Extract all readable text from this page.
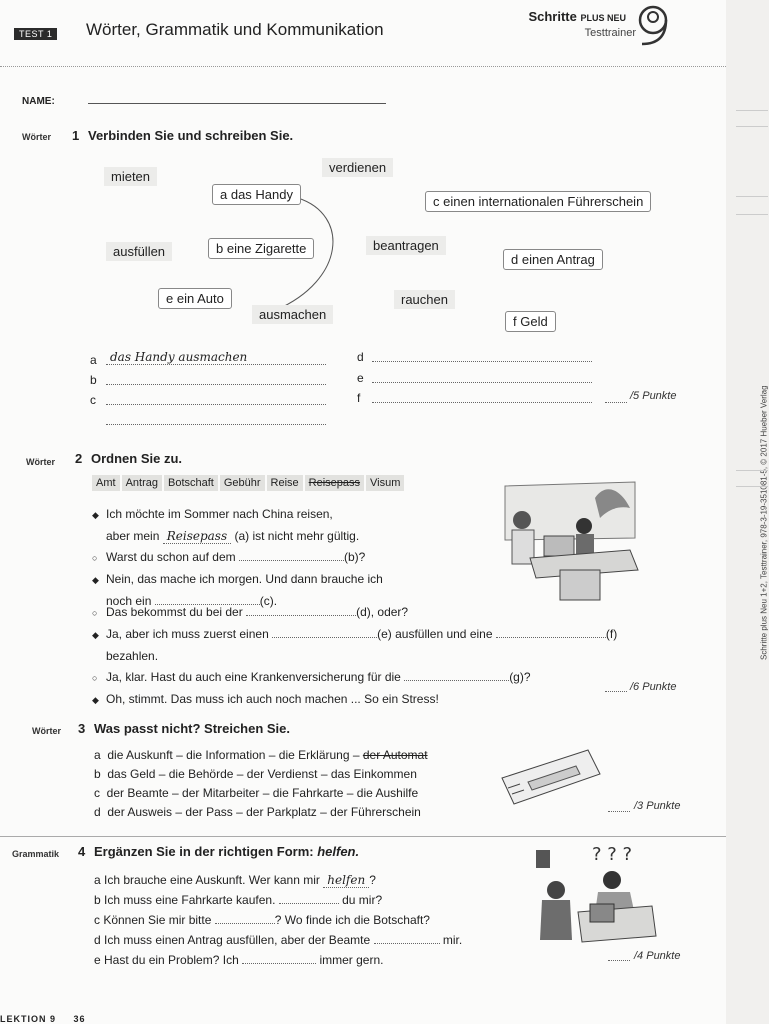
TEST 1 Wörter, Grammatik und Kommunikation
Schritte PLUS NEU
Testtrainer
NAME:
Wörter 1 Verbinden Sie und schreiben Sie.
mieten
verdienen
a das Handy	c einen internationalen Führerschein
ausfüllen	b eine Zigarette	beantragen
d einen Antrag
e ein Auto	rauchen
ausmachen	f Geld
a
b
c
d
e
f
das Handy ausmachen
/5 Punkte
Wörter 2 Ordnen Sie zu.
Amt Antrag Botschaft Gebühr Reise Reisepass Visum
◆ Ich möchte im Sommer nach China reisen,
aber mein Reisepass (a) ist nicht mehr gültig.
○ Warst du schon auf dem	(b)?
◆ Nein, das mache ich morgen. Und dann brauche ich
noch ein	(c).
○ Das bekommst du bei der	(d), oder?
◆ Ja, aber ich muss zuerst einen	(e) ausfüllen und eine	(f)
bezahlen.
○ Ja, klar. Hast du auch eine Krankenversicherung für die	(g)?
◆ Oh, stimmt. Das muss ich auch noch machen ... So ein Stress!
/6 Punkte
Wörter 3 Was passt nicht? Streichen Sie.
a die Auskunft – die Information – die Erklärung – der Automat
b das Geld – die Behörde – der Verdienst – das Einkommen
c der Beamte – der Mitarbeiter – die Fahrkarte – die Aushilfe
d der Ausweis – der Pass – der Parkplatz – der Führerschein	/3 Punkte
Grammatik 4 Ergänzen Sie in der richtigen Form: helfen.
a Ich brauche eine Auskunft. Wer kann mir helfen ?
b Ich muss eine Fahrkarte kaufen.	du mir?
c Können Sie mir bitte	? Wo finde ich die Botschaft?
d Ich muss einen Antrag ausfüllen, aber der Beamte	mir.
e Hast du ein Problem? Ich	immer gern.	/4 Punkte
? ? ?
LEKTION 9 36
Schritte plus Neu 1+2, Testtrainer, 978-3-19-351081-5, © 2017 Hueber Verlag
